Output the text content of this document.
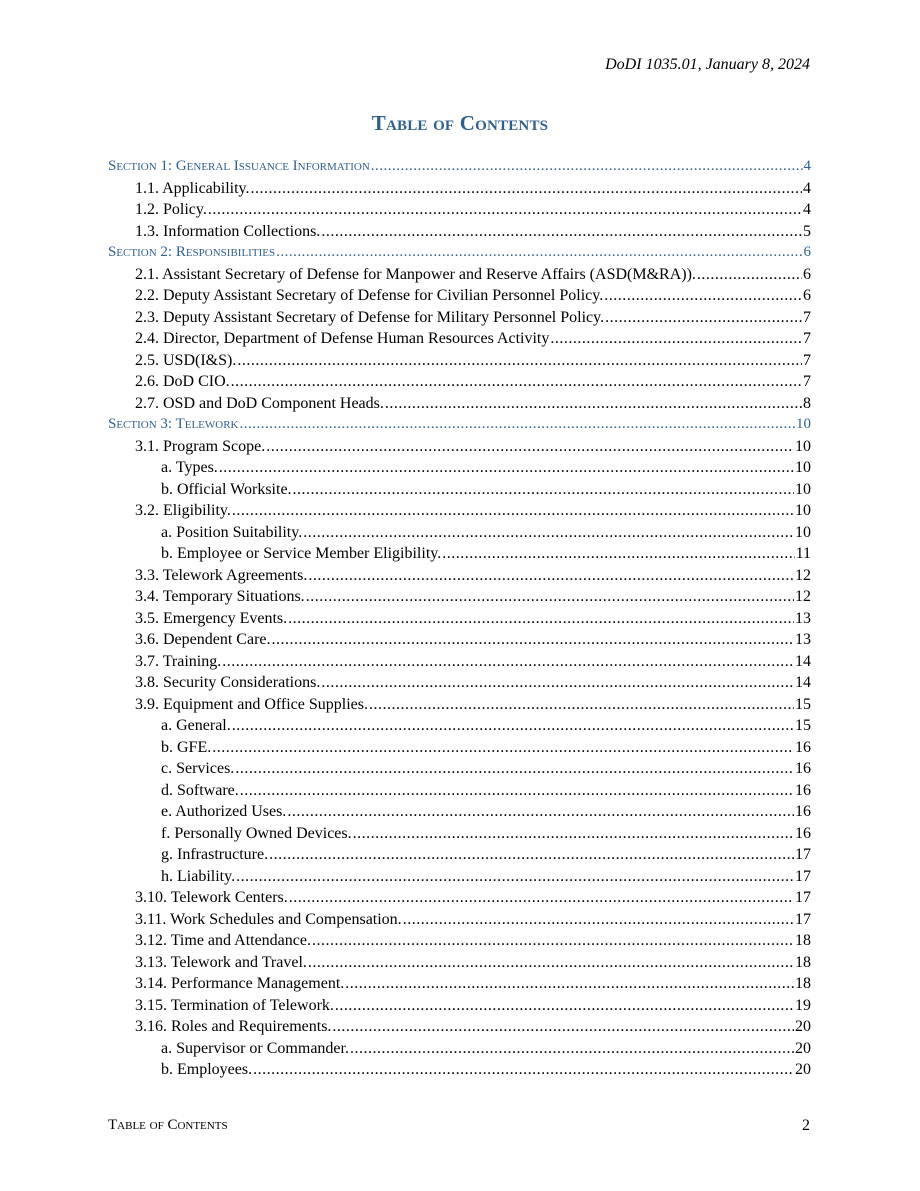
DoDI 1035.01, January 8, 2024
Table of Contents
Section 1: General Issuance Information .....	4
1.1. Applicability. .....	4
1.2. Policy. .....	4
1.3. Information Collections. .....	5
Section 2: Responsibilities .....	6
2.1. Assistant Secretary of Defense for Manpower and Reserve Affairs (ASD(M&RA)). .....	6
2.2. Deputy Assistant Secretary of Defense for Civilian Personnel Policy. .....	6
2.3. Deputy Assistant Secretary of Defense for Military Personnel Policy. .....	7
2.4. Director, Department of Defense Human Resources Activity .....	7
2.5. USD(I&S). .....	7
2.6. DoD CIO. .....	7
2.7. OSD and DoD Component Heads. .....	8
Section 3: Telework .....	10
3.1. Program Scope. .....	10
a. Types. .....	10
b. Official Worksite. .....	10
3.2. Eligibility. .....	10
a. Position Suitability. .....	10
b. Employee or Service Member Eligibility. .....	11
3.3. Telework Agreements. .....	12
3.4. Temporary Situations. .....	12
3.5. Emergency Events. .....	13
3.6. Dependent Care. .....	13
3.7. Training. .....	14
3.8. Security Considerations. .....	14
3.9. Equipment and Office Supplies. .....	15
a. General. .....	15
b. GFE. .....	16
c. Services. .....	16
d. Software. .....	16
e. Authorized Uses. .....	16
f. Personally Owned Devices. .....	16
g. Infrastructure. .....	17
h. Liability. .....	17
3.10. Telework Centers. .....	17
3.11. Work Schedules and Compensation. .....	17
3.12. Time and Attendance. .....	18
3.13. Telework and Travel. .....	18
3.14. Performance Management. .....	18
3.15. Termination of Telework. .....	19
3.16. Roles and Requirements. .....	20
a. Supervisor or Commander. .....	20
b. Employees. .....	20
Table of Contents	2
